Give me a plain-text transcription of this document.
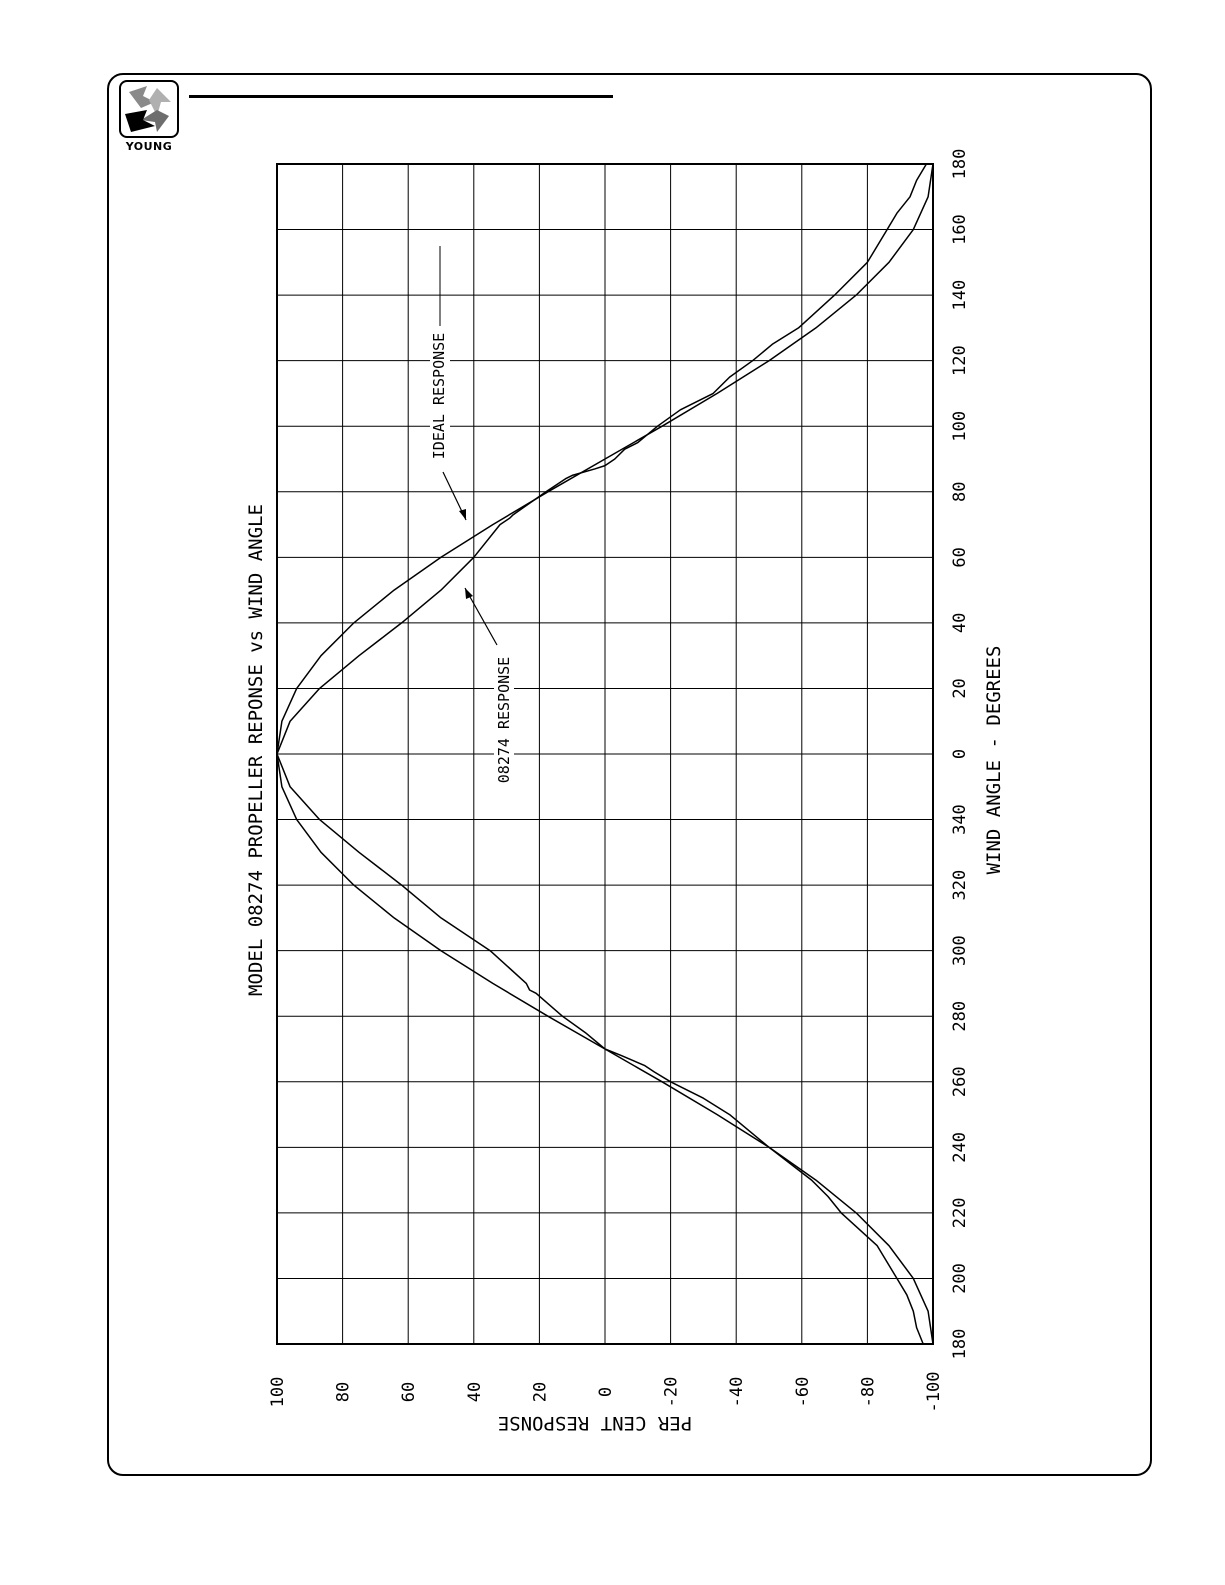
YOUNG
100	80	60	40	20	0	-20	-40	-60	-80	-100
180
200
220
240
260
280
300
320
340
0
20
40
60
80
100
120
140
160
180
MODEL 08274 PROPELLER REPONSE vs WIND ANGLE	WIND ANGLE - DEGREES
PER CENT RESPONSE
IDEAL RESPONSE
08274 RESPONSE
